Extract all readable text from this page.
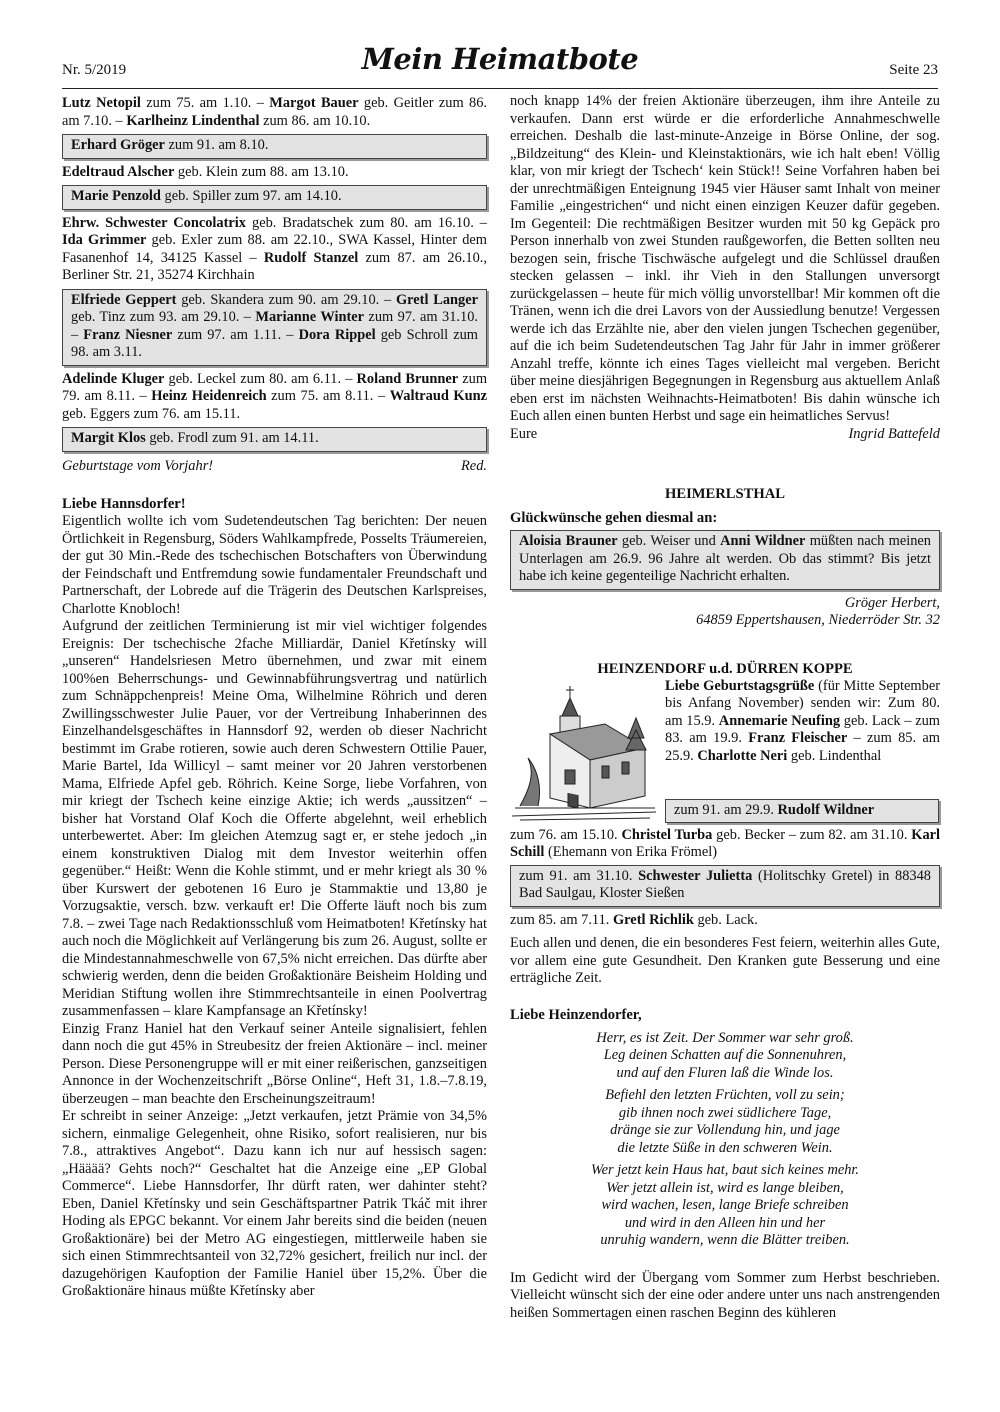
Nr. 5/2019	Mein Heimatbote	Seite 23

Lutz Netopil zum 75. am 1.10. – Margot Bauer geb. Geitler zum 86. am 7.10. – Karlheinz Lindenthal zum 86. am 10.10.

Erhard Gröger zum 91. am 8.10.

Edeltraud Alscher geb. Klein zum 88. am 13.10.

Marie Penzold geb. Spiller zum 97. am 14.10.

Ehrw. Schwester Concolatrix geb. Bradatschek zum 80. am 16.10. – Ida Grimmer geb. Exler zum 88. am 22.10., SWA Kassel, Hinter dem Fasanenhof 14, 34125 Kassel – Rudolf Stanzel zum 87. am 26.10., Berliner Str. 21, 35274 Kirchhain

Elfriede Geppert geb. Skandera zum 90. am 29.10. – Gretl Langer geb. Tinz zum 93. am 29.10. – Marianne Winter zum 97. am 31.10. – Franz Niesner zum 97. am 1.11. – Dora Rippel geb Schroll zum 98. am 3.11.

Adelinde Kluger geb. Leckel zum 80. am 6.11. – Roland Brunner zum 79. am 8.11. – Heinz Heidenreich zum 75. am 8.11. – Waltraud Kunz geb. Eggers zum 76. am 15.11.

Margit Klos geb. Frodl zum 91. am 14.11.

Geburtstage vom Vorjahr!	Red.

Liebe Hannsdorfer!

Eigentlich wollte ich vom Sudetendeutschen Tag berichten: Der neuen Örtlichkeit in Regensburg, Söders Wahlkampfrede, Posselts Träumereien, der gut 30 Min.-Rede des tschechischen Botschafters von Überwindung der Feindschaft und Entfremdung sowie fundamentaler Freundschaft und Partnerschaft, der Lobrede auf die Trägerin des Deutschen Karlspreises, Charlotte Knobloch!

Aufgrund der zeitlichen Terminierung ist mir viel wichtiger folgendes Ereignis: Der tschechische 2fache Milliardär, Daniel Křetínsky will „unseren“ Handelsriesen Metro übernehmen, und zwar mit einem 100%en Beherrschungs- und Gewinnabführungsvertrag und natürlich zum Schnäppchenpreis! Meine Oma, Wilhelmine Röhrich und deren Zwillingsschwester Julie Pauer, vor der Vertreibung Inhaberinnen des Einzelhandelsgeschäftes in Hannsdorf 92, werden ob dieser Nachricht bestimmt im Grabe rotieren, sowie auch deren Schwestern Ottilie Pauer, Marie Bartel, Ida Willicyl – samt meiner vor 20 Jahren verstorbenen Mama, Elfriede Apfel geb. Röhrich. Keine Sorge, liebe Vorfahren, von mir kriegt der Tschech keine einzige Aktie; ich werds „aussitzen“ – bisher hat Vorstand Olaf Koch die Offerte abgelehnt, weil erheblich unterbewertet. Aber: Im gleichen Atemzug sagt er, er stehe jedoch „in einem konstruktiven Dialog mit dem Investor weiterhin offen gegenüber.“ Heißt: Wenn die Kohle stimmt, und er mehr kriegt als 30 % über Kurswert der gebotenen 16 Euro je Stammaktie und 13,80 je Vorzugsaktie, versch. bzw. verkauft er! Die Offerte läuft noch bis zum 7.8. – zwei Tage nach Redaktionsschluß vom Heimatboten! Křetínsky hat auch noch die Möglichkeit auf Verlängerung bis zum 26. August, sollte er die Mindestannahmeschwelle von 67,5% nicht erreichen. Das dürfte aber schwierig werden, denn die beiden Großaktionäre Beisheim Holding und Meridian Stiftung wollen ihre Stimmrechtsanteile in einen Poolvertrag zusammenfassen – klare Kampfansage an Křetínsky!

Einzig Franz Haniel hat den Verkauf seiner Anteile signalisiert, fehlen dann noch die gut 45% in Streubesitz der freien Aktionäre – incl. meiner Person. Diese Personengruppe will er mit einer reißerischen, ganzseitigen Annonce in der Wochenzeitschrift „Börse Online“, Heft 31, 1.8.–7.8.19, überzeugen – man beachte den Erscheinungszeitraum!

Er schreibt in seiner Anzeige: „Jetzt verkaufen, jetzt Prämie von 34,5% sichern, einmalige Gelegenheit, ohne Risiko, sofort realisieren, nur bis 7.8., attraktives Angebot“. Dazu kann ich nur auf hessisch sagen: „Hääää? Gehts noch?“ Geschaltet hat die Anzeige eine „EP Global Commerce“. Liebe Hannsdorfer, Ihr dürft raten, wer dahinter steht? Eben, Daniel Křetínsky und sein Geschäftspartner Patrik Tkáč mit ihrer Hoding als EPGC bekannt. Vor einem Jahr bereits sind die beiden (neuen Großaktionäre) bei der Metro AG eingestiegen, mittlerweile haben sie sich einen Stimmrechtsanteil von 32,72% gesichert, freilich nur incl. der dazugehörigen Kaufoption der Familie Haniel über 15,2%. Über die Großaktionäre hinaus müßte Křetínsky aber

noch knapp 14% der freien Aktionäre überzeugen, ihm ihre Anteile zu verkaufen. Dann erst würde er die erforderliche Annahmeschwelle erreichen. Deshalb die last-minute-Anzeige in Börse Online, der sog. „Bildzeitung“ des Klein- und Kleinstaktionärs, wie ich halt eben! Völlig klar, von mir kriegt der Tschech‘ kein Stück!! Seine Vorfahren haben bei der unrechtmäßigen Enteignung 1945 vier Häuser samt Inhalt von meiner Familie „eingestrichen“ und nicht einen einzigen Keuzer dafür gegeben. Im Gegenteil: Die rechtmäßigen Besitzer wurden mit 50 kg Gepäck pro Person innerhalb von zwei Stunden raußgeworfen, die Betten sollten neu bezogen sein, frische Tischwäsche aufgelegt und die Schlüssel draußen stecken gelassen – inkl. ihr Vieh in den Stallungen unversorgt zurückgelassen – heute für mich völlig unvorstellbar! Mir kommen oft die Tränen, wenn ich die drei Lavors von der Aussiedlung benutze! Vergessen werde ich das Erzählte nie, aber den vielen jungen Tschechen gegenüber, auf die ich beim Sudetendeutschen Tag Jahr für Jahr in immer größerer Anzahl treffe, könnte ich eines Tages vielleicht mal vergeben. Bericht über meine diesjährigen Begegnungen in Regensburg aus aktuellem Anlaß eben erst im nächsten Weihnachts-Heimatboten! Bis dahin wünsche ich Euch allen einen bunten Herbst und sage ein heimatliches Servus!

Eure	Ingrid Battefeld

HEIMERLSTHAL
Glückwünsche gehen diesmal an:

Aloisia Brauner geb. Weiser und Anni Wildner müßten nach meinen Unterlagen am 26.9. 96 Jahre alt werden. Ob das stimmt? Bis jetzt habe ich keine gegenteilige Nachricht erhalten.

Gröger Herbert,

64859 Eppertshausen, Niederröder Str. 32

HEINZENDORF u.d. DÜRREN KOPPE

Liebe Geburtstagsgrüße (für Mitte September bis Anfang November) senden wir: Zum 80. am 15.9. Annemarie Neufing geb. Lack – zum 83. am 19.9. Franz Fleischer – zum 85. am 25.9. Charlotte Neri geb. Lindenthal

zum 91. am 29.9. Rudolf Wildner

zum 76. am 15.10. Christel Turba geb. Becker – zum 82. am 31.10. Karl Schill (Ehemann von Erika Frömel)

zum 91. am 31.10. Schwester Julietta (Holitschky Gretel) in 88348 Bad Saulgau, Kloster Sießen

zum 85. am 7.11. Gretl Richlik geb. Lack.

Euch allen und denen, die ein besonderes Fest feiern, weiterhin alles Gute, vor allem eine gute Gesundheit. Den Kranken gute Besserung und eine erträgliche Zeit.

Liebe Heinzendorfer,

Herr, es ist Zeit. Der Sommer war sehr groß.

Leg deinen Schatten auf die Sonnenuhren,

und auf den Fluren laß die Winde los.

Befiehl den letzten Früchten, voll zu sein;

gib ihnen noch zwei südlichere Tage,

dränge sie zur Vollendung hin, und jage

die letzte Süße in den schweren Wein.

Wer jetzt kein Haus hat, baut sich keines mehr.

Wer jetzt allein ist, wird es lange bleiben,

wird wachen, lesen, lange Briefe schreiben

und wird in den Alleen hin und her

unruhig wandern, wenn die Blätter treiben.

Im Gedicht wird der Übergang vom Sommer zum Herbst beschrieben. Vielleicht wünscht sich der eine oder andere unter uns nach anstrengenden heißen Sommertagen einen raschen Beginn des kühleren
